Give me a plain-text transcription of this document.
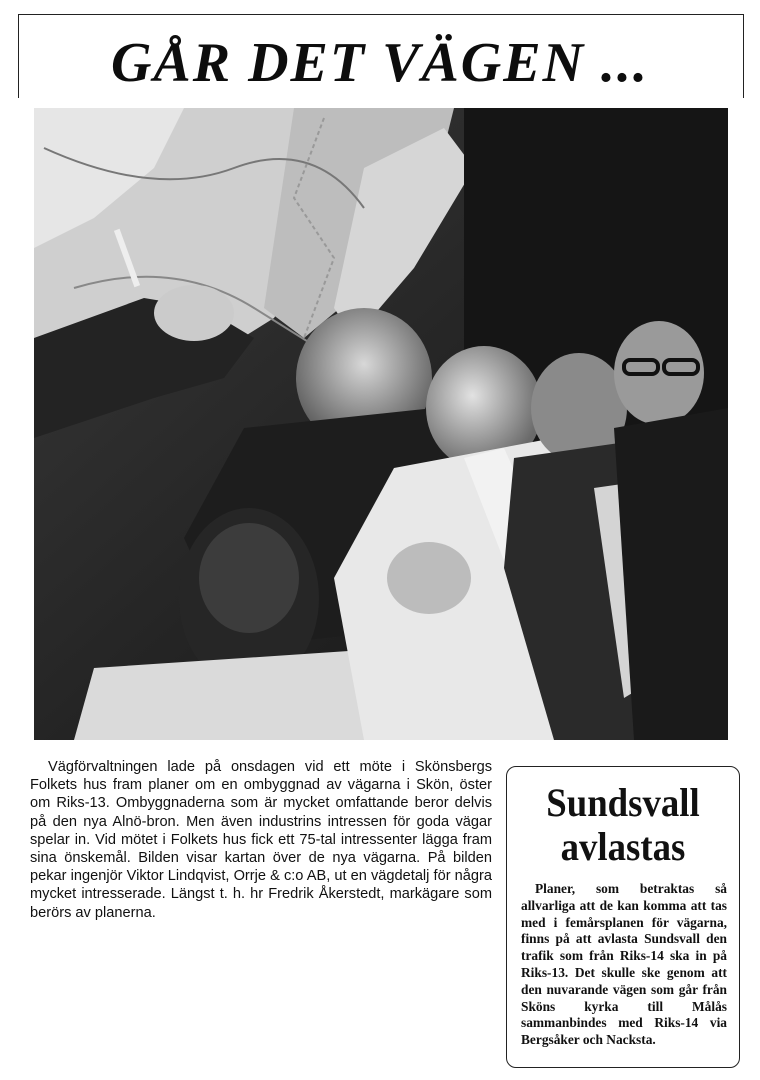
GÅR DET VÄGEN ...

Vägförvaltningen lade på onsdagen vid ett möte i Skönsbergs Folkets hus fram planer om en ombyggnad av vägarna i Skön, öster om Riks-13. Ombyggnaderna som är mycket omfattande beror delvis på den nya Alnö-bron. Men även industrins intressen för goda vägar spelar in. Vid mötet i Folkets hus fick ett 75-tal intressenter lägga fram sina önskemål. Bilden visar kartan över de nya vägarna. På bilden pekar ingenjör Viktor Lindqvist, Orrje & c:o AB, ut en vägdetalj för några mycket intresserade. Längst t. h. hr Fredrik Åkerstedt, markägare som berörs av planerna.

Sundsvall
avlastas

Planer, som betraktas så allvarliga att de kan komma att tas med i femårsplanen för vägarna, finns på att avlasta Sundsvall den trafik som från Riks-14 ska in på Riks-13. Det skulle ske genom att den nuvarande vägen som går från Sköns kyrka till Målås sammanbindes med Riks-14 via Bergsåker och Nacksta.
